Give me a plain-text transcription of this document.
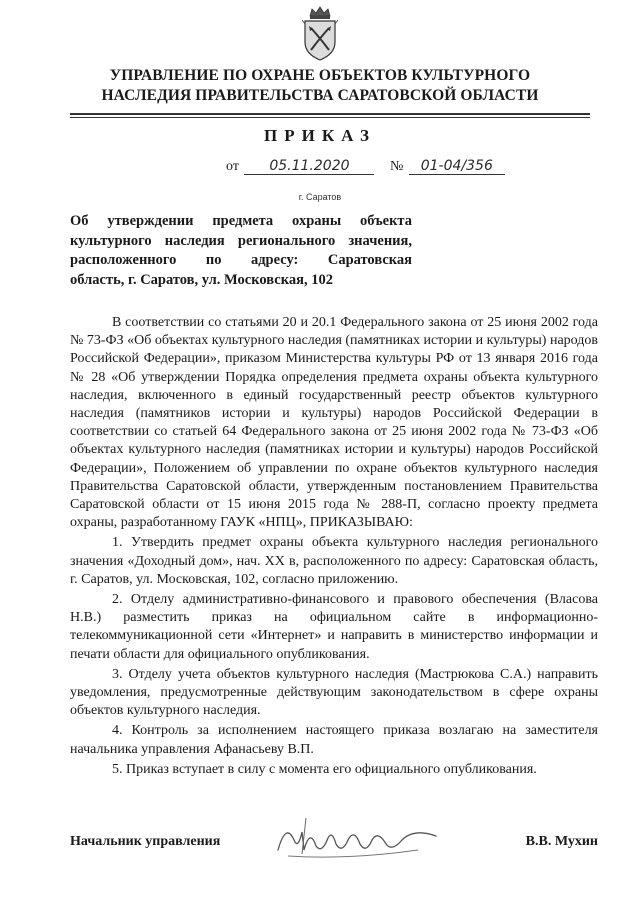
УПРАВЛЕНИЕ ПО ОХРАНЕ ОБЪЕКТОВ КУЛЬТУРНОГО
НАСЛЕДИЯ ПРАВИТЕЛЬСТВА САРАТОВСКОЙ ОБЛАСТИ
ПРИКАЗ
от 05.11.2020	№ 01-04/356
г. Саратов
Об утверждении предмета охраны объекта
культурного наследия регионального значения,
расположенного по адресу: Саратовская
область, г. Саратов, ул. Московская, 102

В соответствии со статьями 20 и 20.1 Федерального закона от 25 июня 2002 года № 73-ФЗ «Об объектах культурного наследия (памятниках истории и культуры) народов Российской Федерации», приказом Министерства культуры РФ от 13 января 2016 года № 28 «Об утверждении Порядка определения предмета охраны объекта культурного наследия, включенного в единый государственный реестр объектов культурного наследия (памятников истории и культуры) народов Российской Федерации в соответствии со статьей 64 Федерального закона от 25 июня 2002 года № 73-ФЗ «Об объектах культурного наследия (памятниках истории и культуры) народов Российской Федерации», Положением об управлении по охране объектов культурного наследия Правительства Саратовской области, утвержденным постановлением Правительства Саратовской области от 15 июня 2015 года № 288-П, согласно проекту предмета охраны, разработанному ГАУК «НПЦ», ПРИКАЗЫВАЮ:

1. Утвердить предмет охраны объекта культурного наследия регионального значения «Доходный дом», нач. XX в, расположенного по адресу: Саратовская область, г. Саратов, ул. Московская, 102, согласно приложению.

2. Отделу административно-финансового и правового обеспечения (Власова Н.В.) разместить приказ на официальном сайте в информационно-телекоммуникационной сети «Интернет» и направить в министерство информации и печати области для официального опубликования.

3. Отделу учета объектов культурного наследия (Мастрюкова С.А.) направить уведомления, предусмотренные действующим законодательством в сфере охраны объектов культурного наследия.

4. Контроль за исполнением настоящего приказа возлагаю на заместителя начальника управления Афанасьеву В.П.

5. Приказ вступает в силу с момента его официального опубликования.

Начальник управления	В.В. Мухин
